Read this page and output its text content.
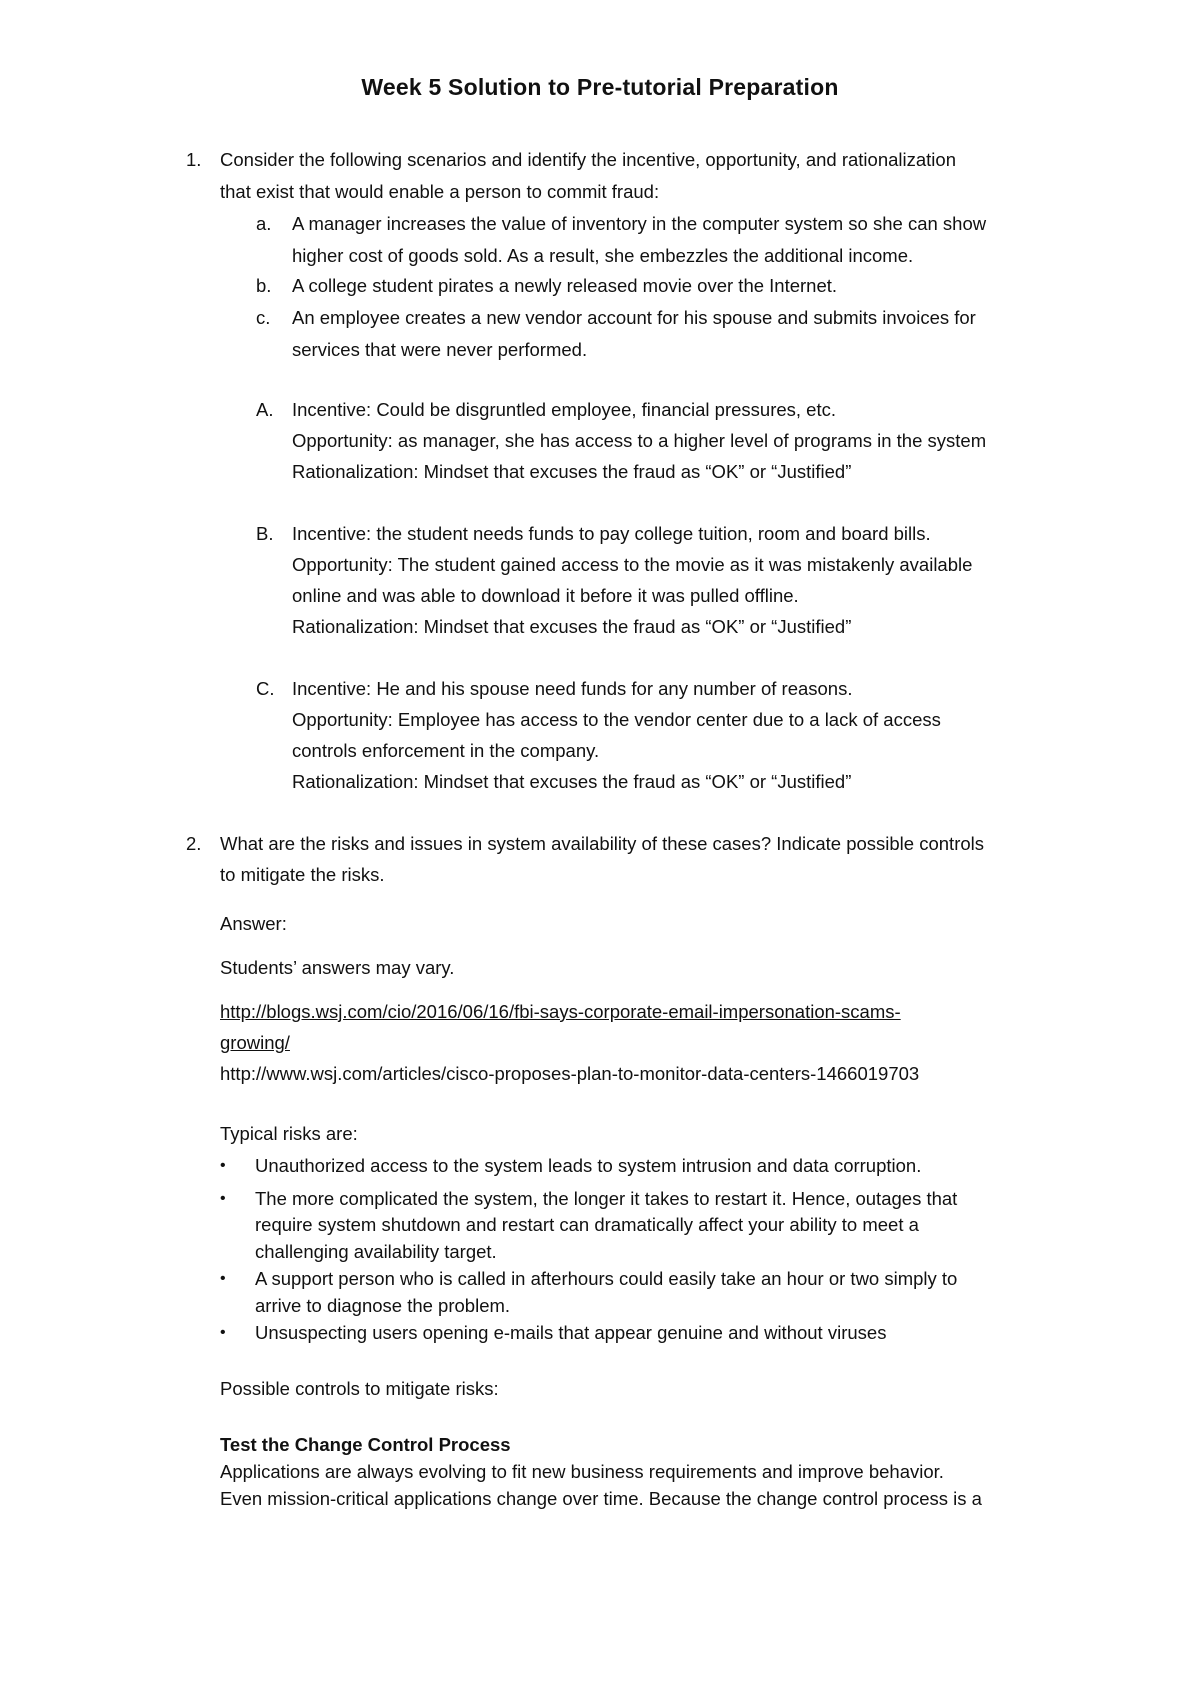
Week 5 Solution to Pre-tutorial Preparation
1. Consider the following scenarios and identify the incentive, opportunity, and rationalization
that exist that would enable a person to commit fraud:
a. A manager increases the value of inventory in the computer system so she can show
higher cost of goods sold. As a result, she embezzles the additional income.
b. A college student pirates a newly released movie over the Internet.
c. An employee creates a new vendor account for his spouse and submits invoices for
services that were never performed.
A. Incentive: Could be disgruntled employee, financial pressures, etc.
Opportunity: as manager, she has access to a higher level of programs in the system
Rationalization: Mindset that excuses the fraud as “OK” or “Justified”
B. Incentive: the student needs funds to pay college tuition, room and board bills.
Opportunity: The student gained access to the movie as it was mistakenly available
online and was able to download it before it was pulled offline.
Rationalization: Mindset that excuses the fraud as “OK” or “Justified”
C. Incentive: He and his spouse need funds for any number of reasons.
Opportunity: Employee has access to the vendor center due to a lack of access
controls enforcement in the company.
Rationalization: Mindset that excuses the fraud as “OK” or “Justified”
2. What are the risks and issues in system availability of these cases? Indicate possible controls
to mitigate the risks.
Answer:
Students’ answers may vary.
http://blogs.wsj.com/cio/2016/06/16/fbi-says-corporate-email-impersonation-scams-
growing/
http://www.wsj.com/articles/cisco-proposes-plan-to-monitor-data-centers-1466019703
Typical risks are:
• Unauthorized access to the system leads to system intrusion and data corruption.
• The more complicated the system, the longer it takes to restart it. Hence, outages that
require system shutdown and restart can dramatically affect your ability to meet a
challenging availability target.
• A support person who is called in afterhours could easily take an hour or two simply to
arrive to diagnose the problem.
• Unsuspecting users opening e-mails that appear genuine and without viruses
Possible controls to mitigate risks:
Test the Change Control Process
Applications are always evolving to fit new business requirements and improve behavior.
Even mission-critical applications change over time. Because the change control process is a
